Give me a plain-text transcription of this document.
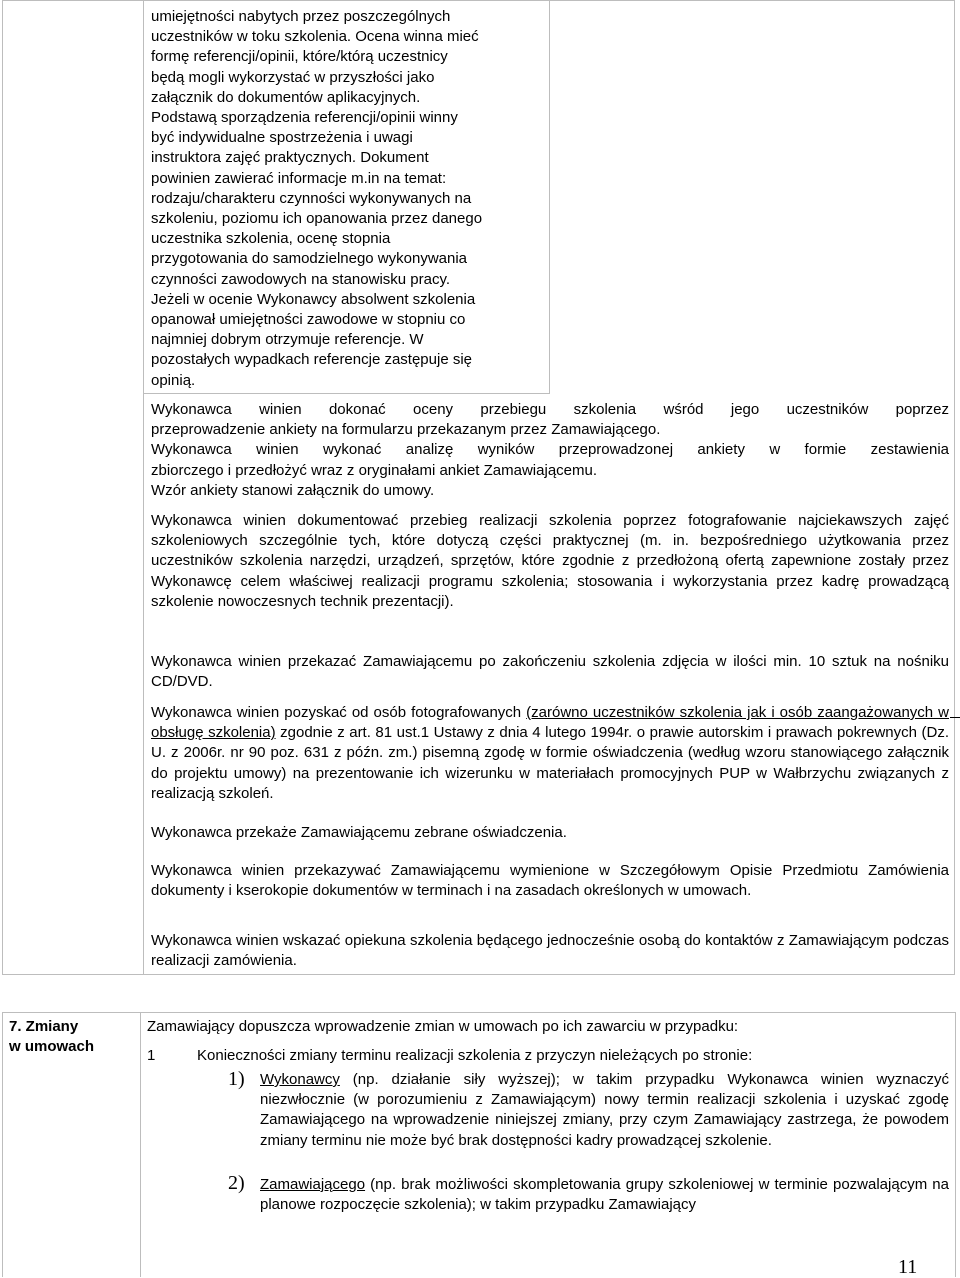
umiejętności nabytych przez poszczególnych
uczestników w toku szkolenia. Ocena winna mieć
formę referencji/opinii, które/którą uczestnicy
będą mogli wykorzystać w przyszłości jako
załącznik do dokumentów aplikacyjnych.
Podstawą sporządzenia referencji/opinii winny
być indywidualne spostrzeżenia i uwagi
instruktora zajęć praktycznych. Dokument
powinien zawierać informacje m.in na temat:
rodzaju/charakteru czynności wykonywanych na
szkoleniu, poziomu ich opanowania przez danego
uczestnika szkolenia, ocenę stopnia
przygotowania do samodzielnego wykonywania
czynności zawodowych na stanowisku pracy.
Jeżeli w ocenie Wykonawcy absolwent szkolenia
opanował umiejętności zawodowe w stopniu co
najmniej dobrym otrzymuje referencje. W
pozostałych wypadkach referencje zastępuje się
opinią.
Wykonawca winien dokonać oceny przebiegu szkolenia wśród jego uczestników poprzez
przeprowadzenie ankiety na formularzu przekazanym przez Zamawiającego.
Wykonawca winien wykonać analizę wyników przeprowadzonej ankiety w formie zestawienia
zbiorczego i przedłożyć wraz z oryginałami ankiet Zamawiającemu.
Wzór ankiety stanowi załącznik do umowy.
Wykonawca winien dokumentować przebieg realizacji szkolenia poprzez fotografowanie najciekawszych zajęć szkoleniowych szczególnie tych, które dotyczą części praktycznej (m. in. bezpośredniego użytkowania przez uczestników szkolenia narzędzi, urządzeń, sprzętów, które zgodnie z przedłożoną ofertą zapewnione zostały przez Wykonawcę celem właściwej realizacji programu szkolenia; stosowania i wykorzystania przez kadrę prowadzącą szkolenie nowoczesnych technik prezentacji).
Wykonawca winien przekazać Zamawiającemu po zakończeniu szkolenia zdjęcia w ilości min. 10 sztuk na nośniku CD/DVD.
Wykonawca winien pozyskać od osób fotografowanych (zarówno uczestników szkolenia jak i osób zaangażowanych w obsługę szkolenia) zgodnie z art. 81 ust.1 Ustawy z dnia 4 lutego 1994r. o prawie autorskim i prawach pokrewnych (Dz. U. z 2006r. nr 90 poz. 631 z późn. zm.) pisemną zgodę w formie oświadczenia (według wzoru stanowiącego załącznik do projektu umowy) na prezentowanie ich wizerunku w materiałach promocyjnych PUP w Wałbrzychu związanych z realizacją szkoleń.
Wykonawca przekaże Zamawiającemu zebrane oświadczenia.
Wykonawca winien przekazywać Zamawiającemu wymienione w Szczegółowym Opisie Przedmiotu Zamówienia dokumenty i kserokopie dokumentów w terminach i na zasadach określonych w umowach.
Wykonawca winien wskazać opiekuna szkolenia będącego jednocześnie osobą do kontaktów z Zamawiającym podczas realizacji zamówienia.
7. Zmiany
w umowach
Zamawiający dopuszcza wprowadzenie zmian w umowach po ich zawarciu w przypadku:
1	Konieczności zmiany terminu realizacji szkolenia z przyczyn nieleżących po stronie:
1) Wykonawcy (np. działanie siły wyższej); w takim przypadku Wykonawca winien wyznaczyć niezwłocznie (w porozumieniu z Zamawiającym) nowy termin realizacji szkolenia i uzyskać zgodę Zamawiającego na wprowadzenie niniejszej zmiany, przy czym Zamawiający zastrzega, że powodem zmiany terminu nie może być brak dostępności kadry prowadzącej szkolenie.
2) Zamawiającego (np. brak możliwości skompletowania grupy szkoleniowej w terminie pozwalającym na planowe rozpoczęcie szkolenia); w takim przypadku Zamawiający
11
